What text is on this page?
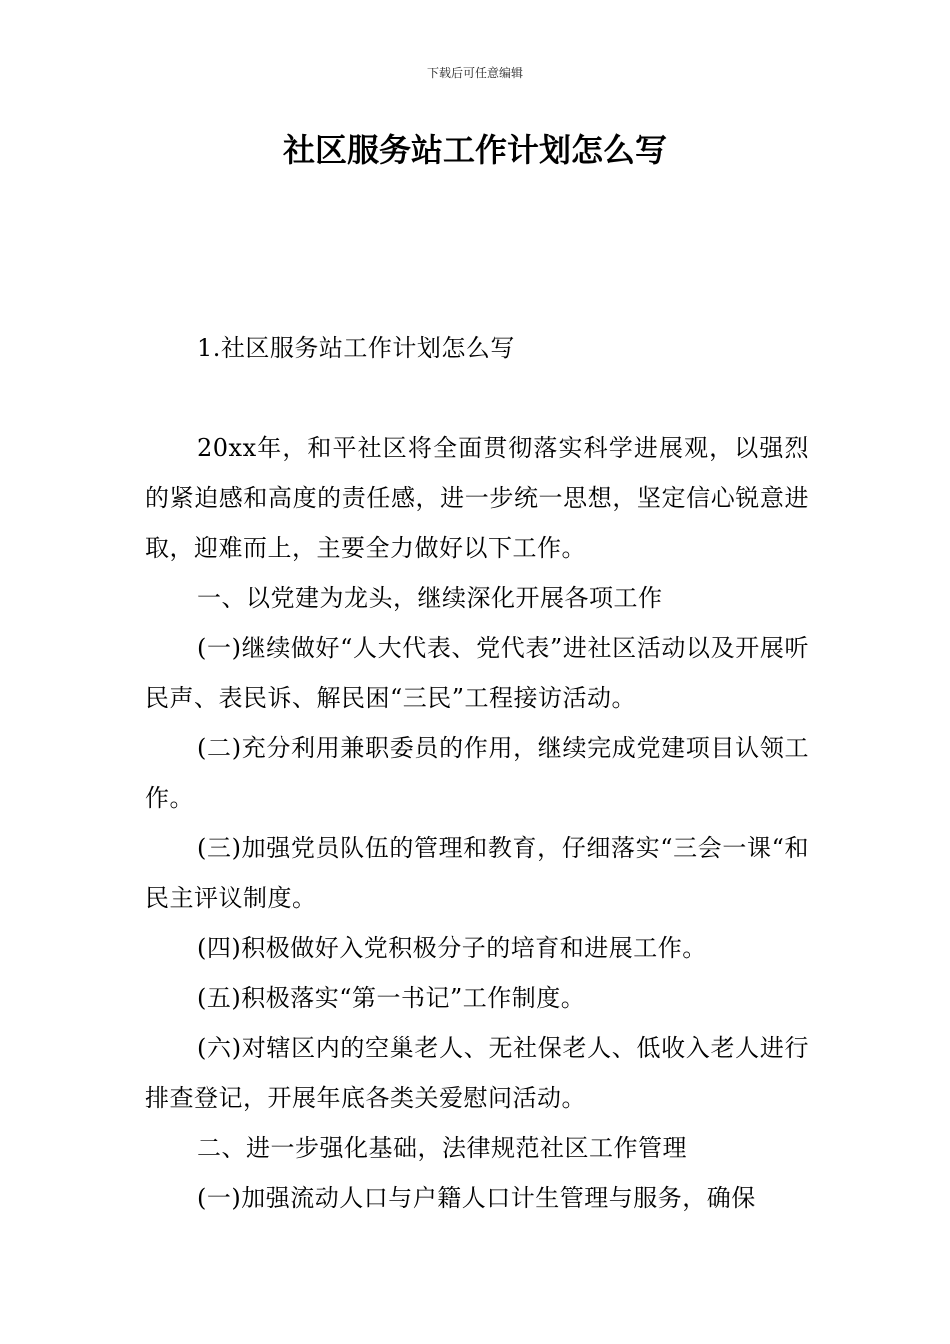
下载后可任意编辑
社区服务站工作计划怎么写

1.社区服务站工作计划怎么写

20xx年，和平社区将全面贯彻落实科学进展观，以强烈的紧迫感和高度的责任感，进一步统一思想，坚定信心锐意进取，迎难而上，主要全力做好以下工作。

一、以党建为龙头，继续深化开展各项工作

(一)继续做好“人大代表、党代表”进社区活动以及开展听民声、表民诉、解民困“三民”工程接访活动。

(二)充分利用兼职委员的作用，继续完成党建项目认领工作。

(三)加强党员队伍的管理和教育，仔细落实“三会一课“和民主评议制度。

(四)积极做好入党积极分子的培育和进展工作。

(五)积极落实“第一书记”工作制度。

(六)对辖区内的空巢老人、无社保老人、低收入老人进行排查登记，开展年底各类关爱慰问活动。

二、进一步强化基础，法律规范社区工作管理

(一)加强流动人口与户籍人口计生管理与服务，确保
